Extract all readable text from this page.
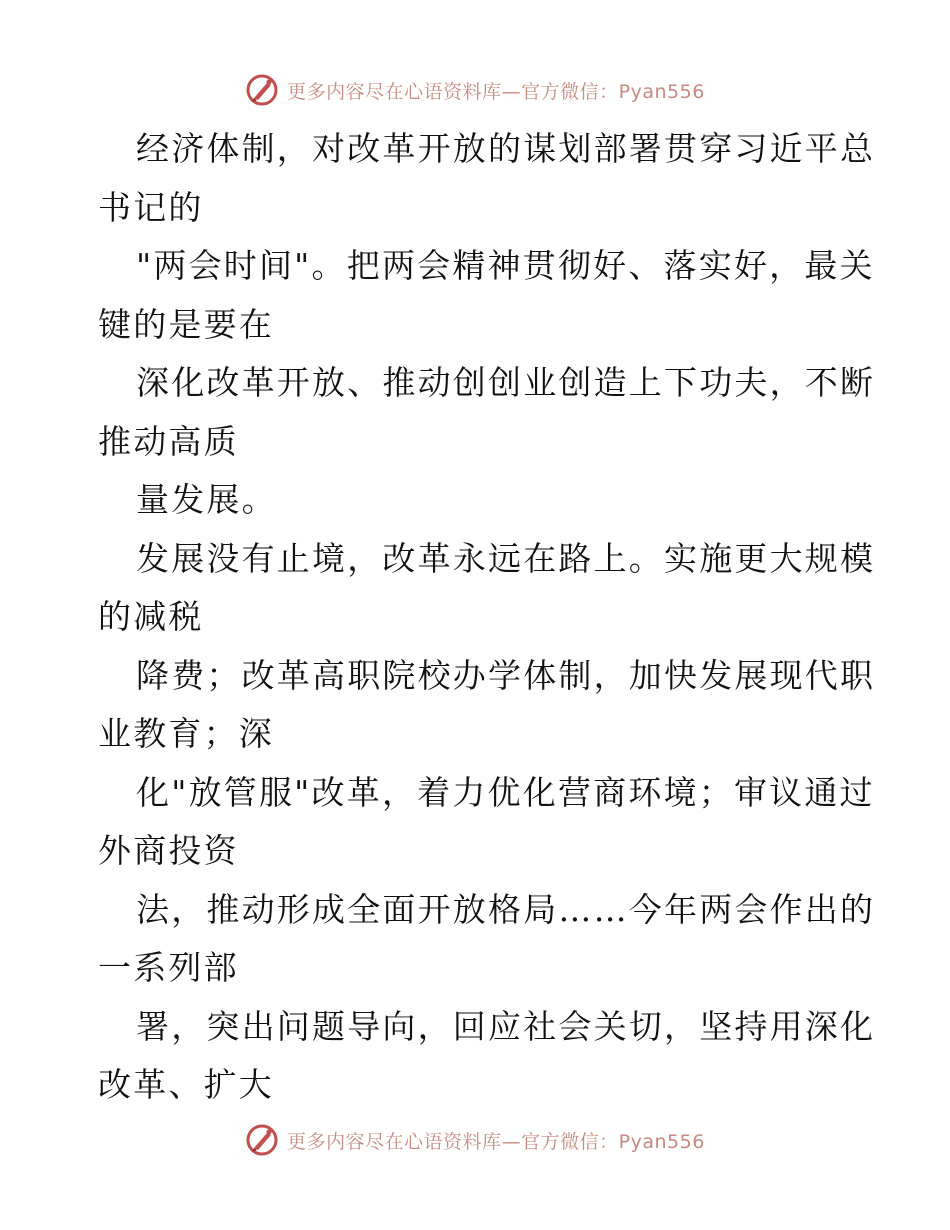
更多内容尽在心语资料库—官方微信：Pyan556
经济体制，对改革开放的谋划部署贯穿习近平总
书记的
"两会时间"。把两会精神贯彻好、落实好，最关
键的是要在
深化改革开放、推动创创业创造上下功夫，不断
推动高质
量发展。
发展没有止境，改革永远在路上。实施更大规模
的减税
降费；改革高职院校办学体制，加快发展现代职
业教育；深
化"放管服"改革，着力优化营商环境；审议通过
外商投资
法，推动形成全面开放格局……今年两会作出的
一系列部
署，突出问题导向，回应社会关切，坚持用深化
改革、扩大
更多内容尽在心语资料库—官方微信：Pyan556
